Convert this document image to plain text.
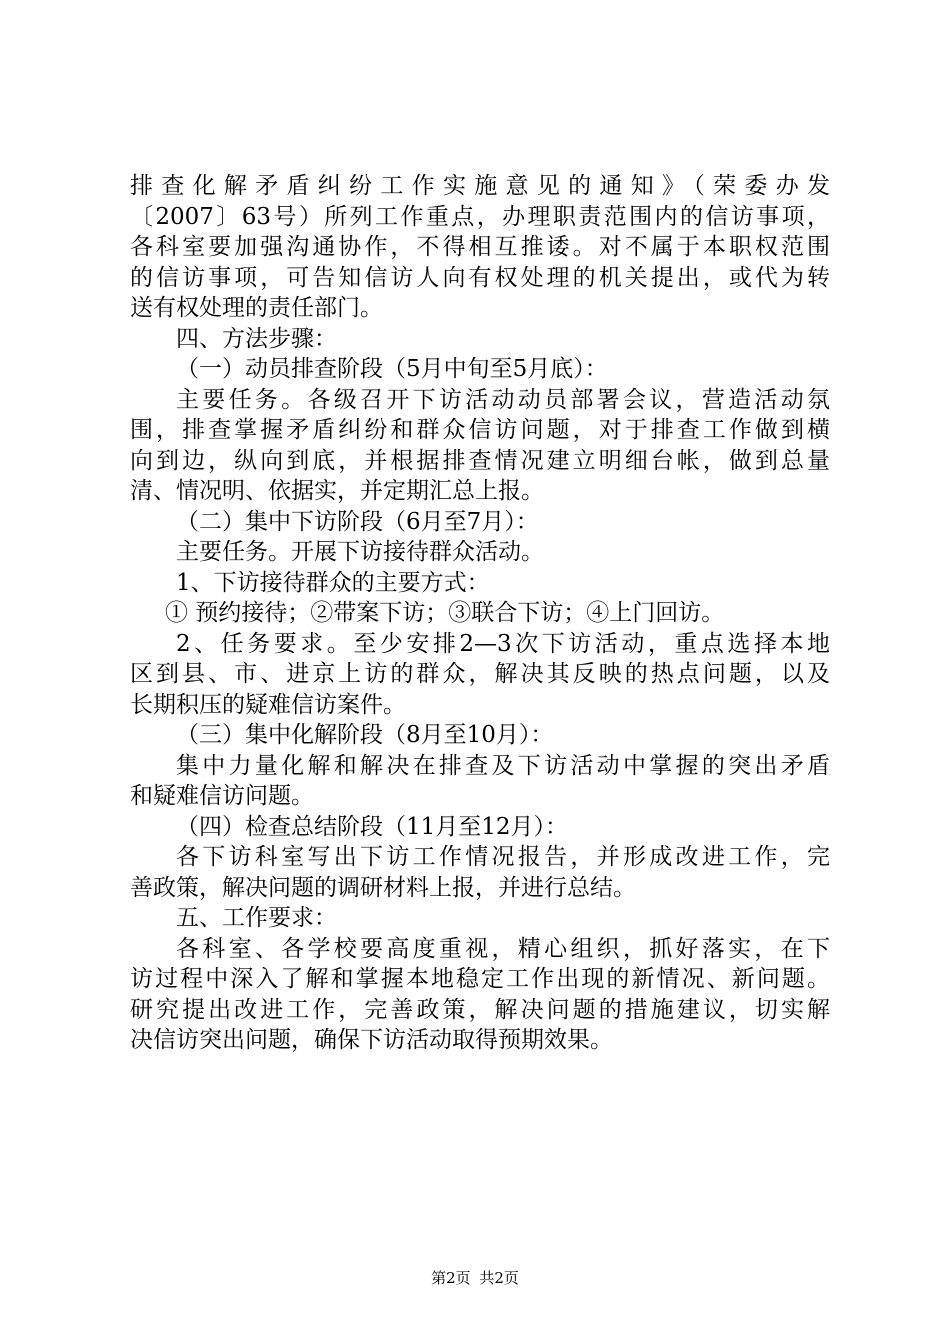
排查化解矛盾纠纷工作实施意见的通知》（荣委办发
〔2007〕63号）所列工作重点，办理职责范围内的信访事项，
各科室要加强沟通协作，不得相互推诿。对不属于本职权范围
的信访事项，可告知信访人向有权处理的机关提出，或代为转
送有权处理的责任部门。
四、方法步骤：
（一）动员排查阶段（5月中旬至5月底）：
主要任务。各级召开下访活动动员部署会议，营造活动氛
围，排查掌握矛盾纠纷和群众信访问题，对于排查工作做到横
向到边，纵向到底，并根据排查情况建立明细台帐，做到总量
清、情况明、依据实，并定期汇总上报。
（二）集中下访阶段（6月至7月）：
主要任务。开展下访接待群众活动。
1、下访接待群众的主要方式：
① 预约接待；②带案下访；③联合下访；④上门回访。
2、任务要求。至少安排2—3次下访活动，重点选择本地
区到县、市、进京上访的群众，解决其反映的热点问题，以及
长期积压的疑难信访案件。
（三）集中化解阶段（8月至10月）：
集中力量化解和解决在排查及下访活动中掌握的突出矛盾
和疑难信访问题。
（四）检查总结阶段（11月至12月）：
各下访科室写出下访工作情况报告，并形成改进工作，完
善政策，解决问题的调研材料上报，并进行总结。
五、工作要求：
各科室、各学校要高度重视，精心组织，抓好落实，在下
访过程中深入了解和掌握本地稳定工作出现的新情况、新问题。
研究提出改进工作，完善政策，解决问题的措施建议，切实解
决信访突出问题，确保下访活动取得预期效果。
第2页 共2页
